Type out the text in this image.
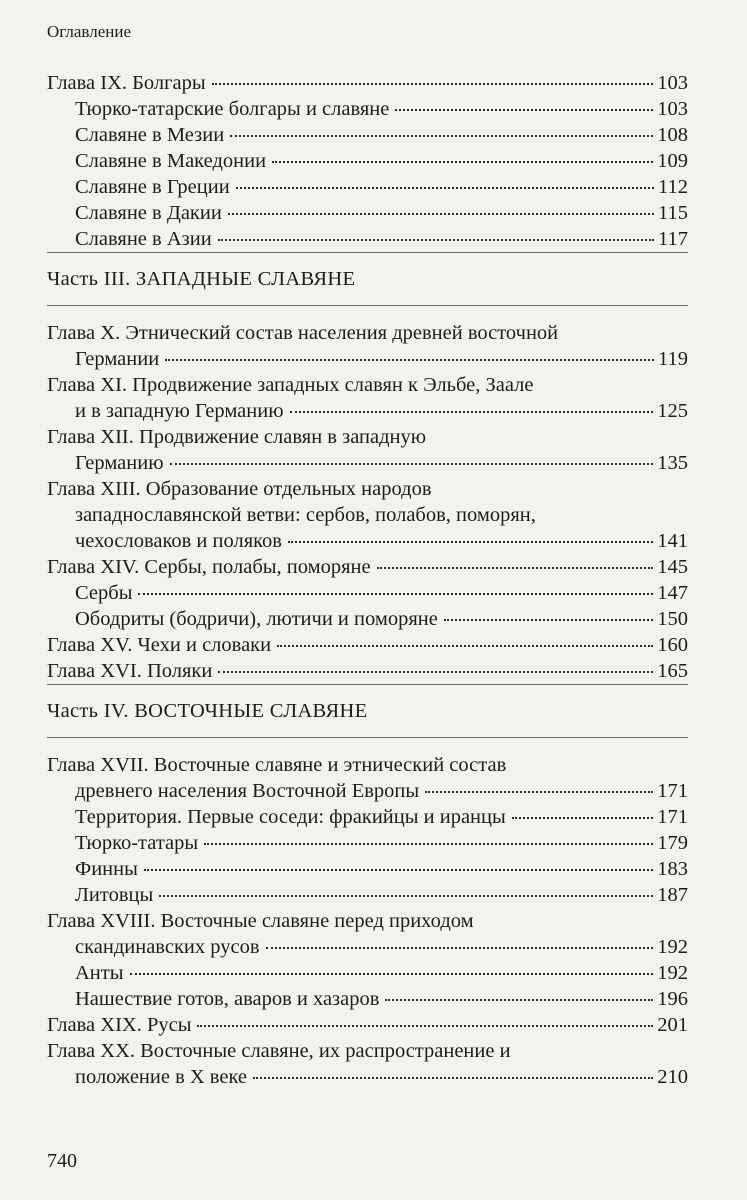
Оглавление
Глава IX. Болгары	103
Тюрко-татарские болгары и славяне	103
Славяне в Мезии	108
Славяне в Македонии	109
Славяне в Греции	112
Славяне в Дакии	115
Славяне в Азии	117
Часть III. ЗАПАДНЫЕ СЛАВЯНЕ
Глава X. Этнический состав населения древней восточной
Германии	119
Глава XI. Продвижение западных славян к Эльбе, Заале
и в западную Германию	125
Глава XII. Продвижение славян в западную
Германию	135
Глава XIII. Образование отдельных народов
западнославянской ветви: сербов, полабов, поморян,
чехословаков и поляков	141
Глава XIV. Сербы, полабы, поморяне	145
Сербы	147
Ободриты (бодричи), лютичи и поморяне	150
Глава XV. Чехи и словаки	160
Глава XVI. Поляки	165
Часть IV. ВОСТОЧНЫЕ СЛАВЯНЕ
Глава XVII. Восточные славяне и этнический состав
древнего населения Восточной Европы	171
Территория. Первые соседи: фракийцы и иранцы	171
Тюрко-татары	179
Финны	183
Литовцы	187
Глава XVIII. Восточные славяне перед приходом
скандинавских русов	192
Анты	192
Нашествие готов, аваров и хазаров	196
Глава XIX. Русы	201
Глава XX. Восточные славяне, их распространение и
положение в X веке	210
740
